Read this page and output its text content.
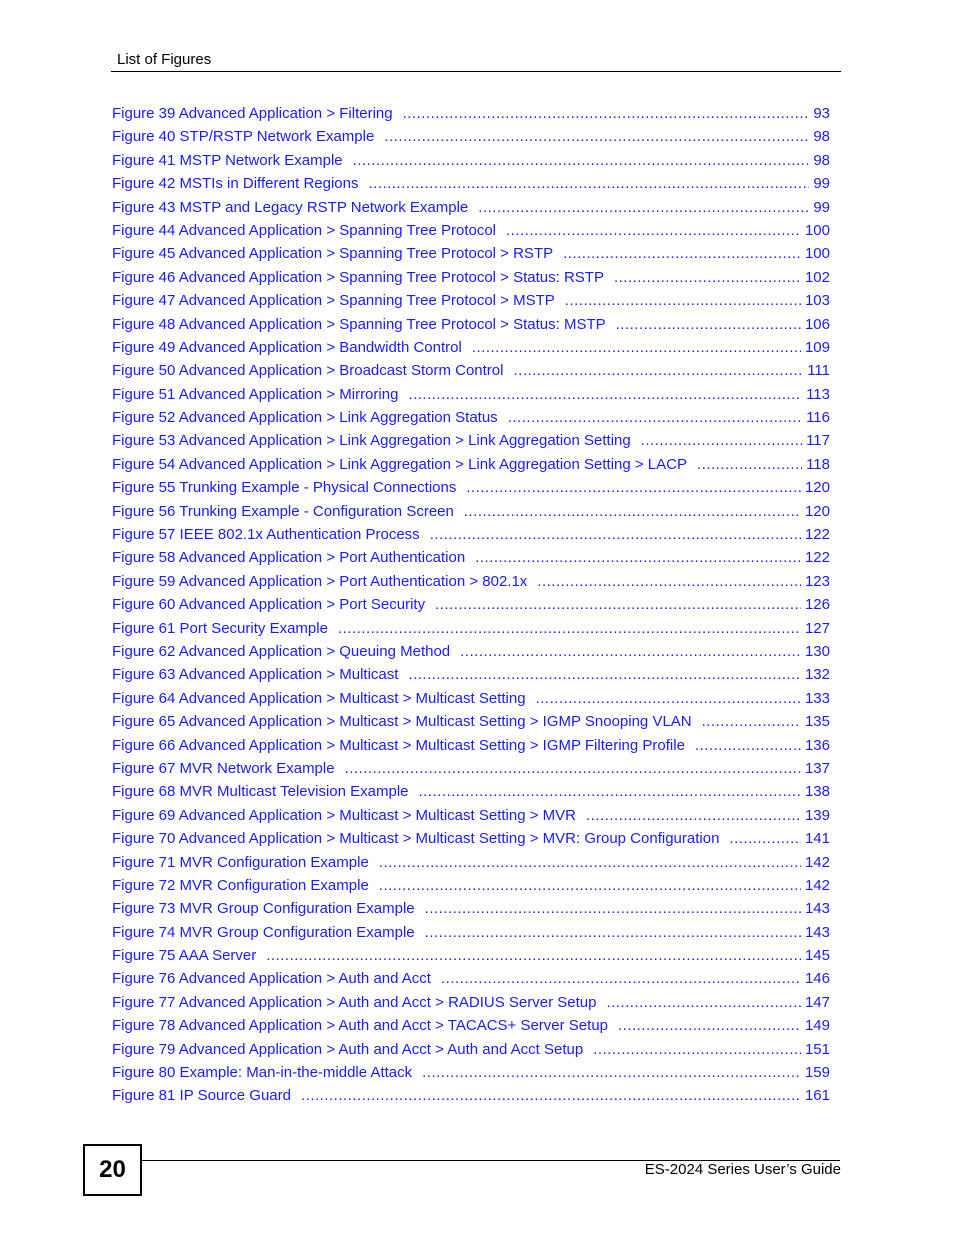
List of Figures
Figure 39 Advanced Application > Filtering .....	93
Figure 40 STP/RSTP Network Example .....	98
Figure 41 MSTP Network Example .....	98
Figure 42 MSTIs in Different Regions .....	99
Figure 43 MSTP and Legacy RSTP Network Example .....	99
Figure 44 Advanced Application > Spanning Tree Protocol .....	100
Figure 45 Advanced Application > Spanning Tree Protocol > RSTP .....	100
Figure 46 Advanced Application > Spanning Tree Protocol > Status: RSTP .....	102
Figure 47 Advanced Application > Spanning Tree Protocol > MSTP .....	103
Figure 48 Advanced Application > Spanning Tree Protocol > Status: MSTP .....	106
Figure 49 Advanced Application > Bandwidth Control .....	109
Figure 50 Advanced Application > Broadcast Storm Control .....	111
Figure 51 Advanced Application > Mirroring .....	113
Figure 52 Advanced Application > Link Aggregation Status .....	116
Figure 53 Advanced Application > Link Aggregation > Link Aggregation Setting .....	117
Figure 54 Advanced Application > Link Aggregation > Link Aggregation Setting > LACP .....	118
Figure 55 Trunking Example - Physical Connections .....	120
Figure 56 Trunking Example - Configuration Screen .....	120
Figure 57 IEEE 802.1x Authentication Process .....	122
Figure 58 Advanced Application > Port Authentication .....	122
Figure 59 Advanced Application > Port Authentication > 802.1x .....	123
Figure 60 Advanced Application > Port Security .....	126
Figure 61 Port Security Example .....	127
Figure 62 Advanced Application > Queuing Method .....	130
Figure 63 Advanced Application > Multicast .....	132
Figure 64 Advanced Application > Multicast > Multicast Setting .....	133
Figure 65 Advanced Application > Multicast > Multicast Setting > IGMP Snooping VLAN .....	135
Figure 66 Advanced Application > Multicast > Multicast Setting > IGMP Filtering Profile .....	136
Figure 67 MVR Network Example .....	137
Figure 68 MVR Multicast Television Example .....	138
Figure 69 Advanced Application > Multicast > Multicast Setting > MVR .....	139
Figure 70 Advanced Application > Multicast > Multicast Setting > MVR: Group Configuration .....	141
Figure 71 MVR Configuration Example .....	142
Figure 72 MVR Configuration Example .....	142
Figure 73 MVR Group Configuration Example .....	143
Figure 74 MVR Group Configuration Example .....	143
Figure 75 AAA Server .....	145
Figure 76 Advanced Application > Auth and Acct .....	146
Figure 77 Advanced Application > Auth and Acct > RADIUS Server Setup .....	147
Figure 78 Advanced Application > Auth and Acct > TACACS+ Server Setup .....	149
Figure 79 Advanced Application > Auth and Acct > Auth and Acct Setup .....	151
Figure 80 Example: Man-in-the-middle Attack .....	159
Figure 81 IP Source Guard .....	161
20	ES-2024 Series User’s Guide
